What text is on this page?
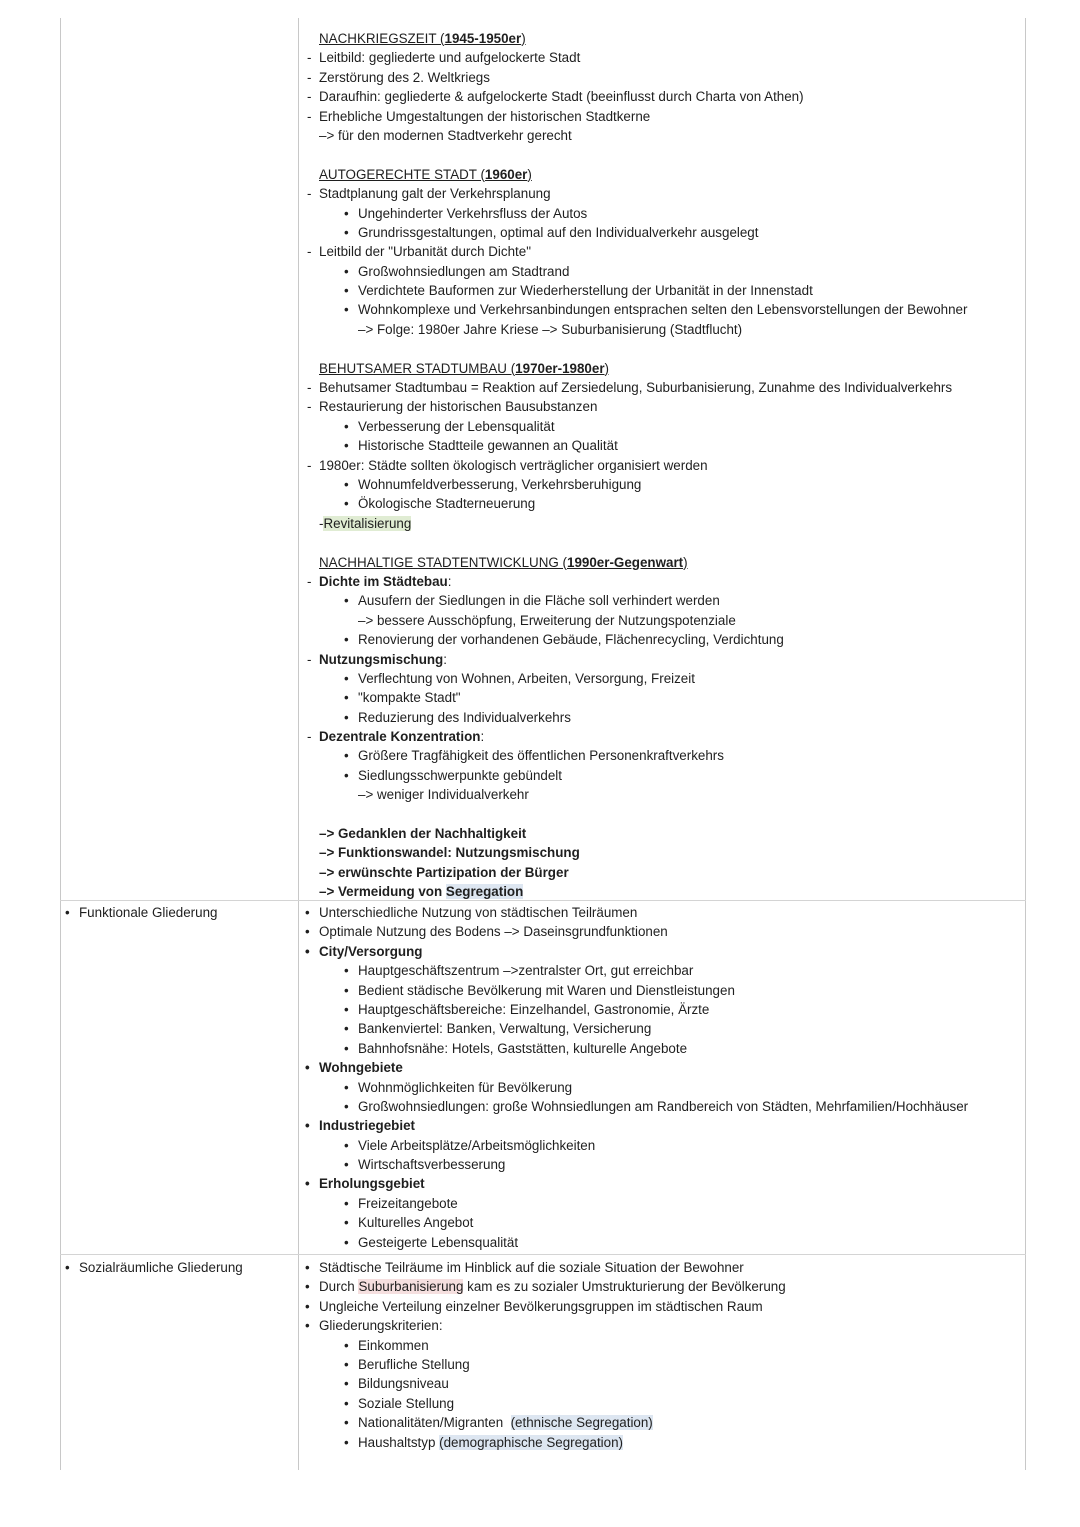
NACHKRIEGSZEIT (1945-1950er)
- Leitbild: gegliederte und aufgelockerte Stadt
- Zerstörung des 2. Weltkriegs
- Daraufhin: gegliederte & aufgelockerte Stadt (beeinflusst durch Charta von Athen)
- Erhebliche Umgestaltungen der historischen Stadtkerne
–> für den modernen Stadtverkehr gerecht
AUTOGERECHTE STADT (1960er)
- Stadtplanung galt der Verkehrsplanung
• Ungehinderter Verkehrsfluss der Autos
• Grundrissgestaltungen, optimal auf den Individualverkehr ausgelegt
- Leitbild der "Urbanität durch Dichte"
• Großwohnsiedlungen am Stadtrand
• Verdichtete Bauformen zur Wiederherstellung der Urbanität in der Innenstadt
• Wohnkomplexe und Verkehrsanbindungen entsprachen selten den Lebensvorstellungen der Bewohner
–> Folge: 1980er Jahre Kriese –> Suburbanisierung (Stadtflucht)
BEHUTSAMER STADTUMBAU (1970er-1980er)
- Behutsamer Stadtumbau = Reaktion auf Zersiedelung, Suburbanisierung, Zunahme des Individualverkehrs
- Restaurierung der historischen Bausubstanzen
• Verbesserung der Lebensqualität
• Historische Stadtteile gewannen an Qualität
- 1980er: Städte sollten ökologisch verträglicher organisiert werden
• Wohnumfeldverbesserung, Verkehrsberuhigung
• Ökologische Stadterneuerung
-Revitalisierung
NACHHALTIGE STADTENTWICKLUNG (1990er-Gegenwart)
- Dichte im Städtebau:
• Ausufern der Siedlungen in die Fläche soll verhindert werden
–> bessere Ausschöpfung, Erweiterung der Nutzungspotenziale
• Renovierung der vorhandenen Gebäude, Flächenrecycling, Verdichtung
- Nutzungsmischung:
• Verflechtung von Wohnen, Arbeiten, Versorgung, Freizeit
• "kompakte Stadt"
• Reduzierung des Individualverkehrs
- Dezentrale Konzentration:
• Größere Tragfähigkeit des öffentlichen Personenkraftverkehrs
• Siedlungsschwerpunkte gebündelt
–> weniger Individualverkehr
–> Gedanklen der Nachhaltigkeit
–> Funktionswandel: Nutzungsmischung
–> erwünschte Partizipation der Bürger
–> Vermeidung von Segregation
• Funktionale Gliederung	• Unterschiedliche Nutzung von städtischen Teilräumen
• Optimale Nutzung des Bodens –> Daseinsgrundfunktionen
• City/Versorgung
• Hauptgeschäftszentrum –>zentralster Ort, gut erreichbar
• Bedient städische Bevölkerung mit Waren und Dienstleistungen
• Hauptgeschäftsbereiche: Einzelhandel, Gastronomie, Ärzte
• Bankenviertel: Banken, Verwaltung, Versicherung
• Bahnhofsnähe: Hotels, Gaststätten, kulturelle Angebote
• Wohngebiete
• Wohnmöglichkeiten für Bevölkerung
• Großwohnsiedlungen: große Wohnsiedlungen am Randbereich von Städten, Mehrfamilien/Hochhäuser
• Industriegebiet
• Viele Arbeitsplätze/Arbeitsmöglichkeiten
• Wirtschaftsverbesserung
• Erholungsgebiet
• Freizeitangebote
• Kulturelles Angebot
• Gesteigerte Lebensqualität
• Sozialräumliche Gliederung	• Städtische Teilräume im Hinblick auf die soziale Situation der Bewohner
• Durch Suburbanisierung kam es zu sozialer Umstrukturierung der Bevölkerung
• Ungleiche Verteilung einzelner Bevölkerungsgruppen im städtischen Raum
• Gliederungskriterien:
• Einkommen
• Berufliche Stellung
• Bildungsniveau
• Soziale Stellung
• Nationalitäten/Migranten  (ethnische Segregation)
• Haushaltstyp (demographische Segregation)
